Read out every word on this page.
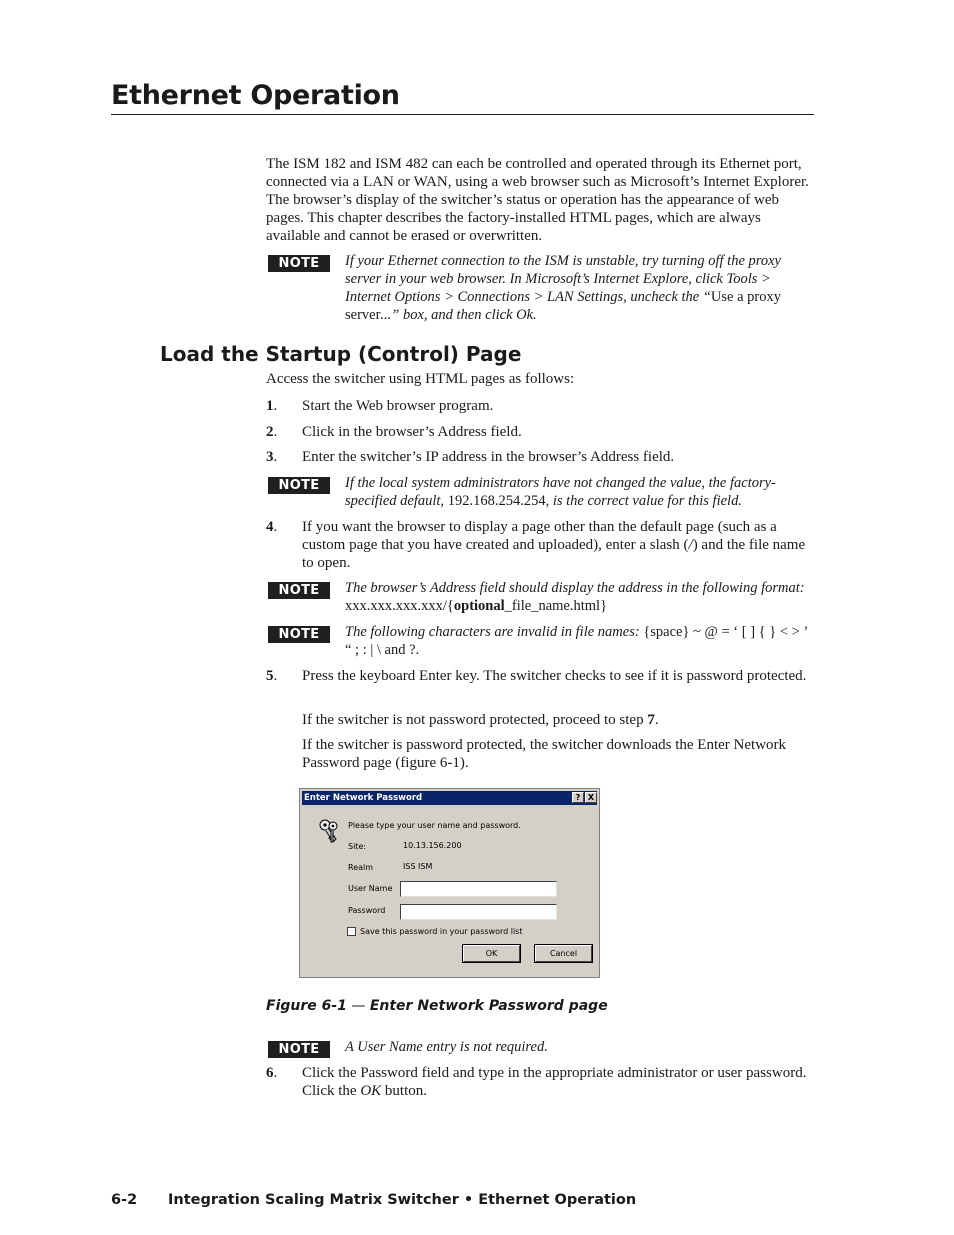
Ethernet Operation
The ISM 182 and ISM 482 can each be controlled and operated through its Ethernet port, connected via a LAN or WAN, using a web browser such as Microsoft’s Internet Explorer. The browser’s display of the switcher’s status or operation has the appearance of web pages. This chapter describes the factory-installed HTML pages, which are always available and cannot be erased or overwritten.
NOTE	If your Ethernet connection to the ISM is unstable, try turning off the proxy server in your web browser. In Microsoft’s Internet Explore, click Tools > Internet Options > Connections > LAN Settings, uncheck the “Use a proxy server...” box, and then click Ok.
Load the Startup (Control) Page
Access the switcher using HTML pages as follows:
1. Start the Web browser program.
2. Click in the browser’s Address field.
3. Enter the switcher’s IP address in the browser’s Address field.
NOTE	If the local system administrators have not changed the value, the factory-specified default, 192.168.254.254, is the correct value for this field.
4. If you want the browser to display a page other than the default page (such as a custom page that you have created and uploaded), enter a slash (/) and the file name to open.
NOTE	The browser’s Address field should display the address in the following format: xxx.xxx.xxx.xxx/{optional_file_name.html}
NOTE	The following characters are invalid in file names: {space} ~ @ = ‘ [ ] { } < > ’ “ ; : | \ and ?.
5. Press the keyboard Enter key. The switcher checks to see if it is password protected.
If the switcher is not password protected, proceed to step 7.
If the switcher is password protected, the switcher downloads the Enter Network Password page (figure 6-1).
Enter Network Password	? X
Please type your user name and password.
Site:	10.13.156.200
Realm	ISS ISM
User Name
Password
Save this password in your password list
OK	Cancel
Figure 6-1 — Enter Network Password page
NOTE	A User Name entry is not required.
6. Click the Password field and type in the appropriate administrator or user password. Click the OK button.
6-2 Integration Scaling Matrix Switcher • Ethernet Operation
